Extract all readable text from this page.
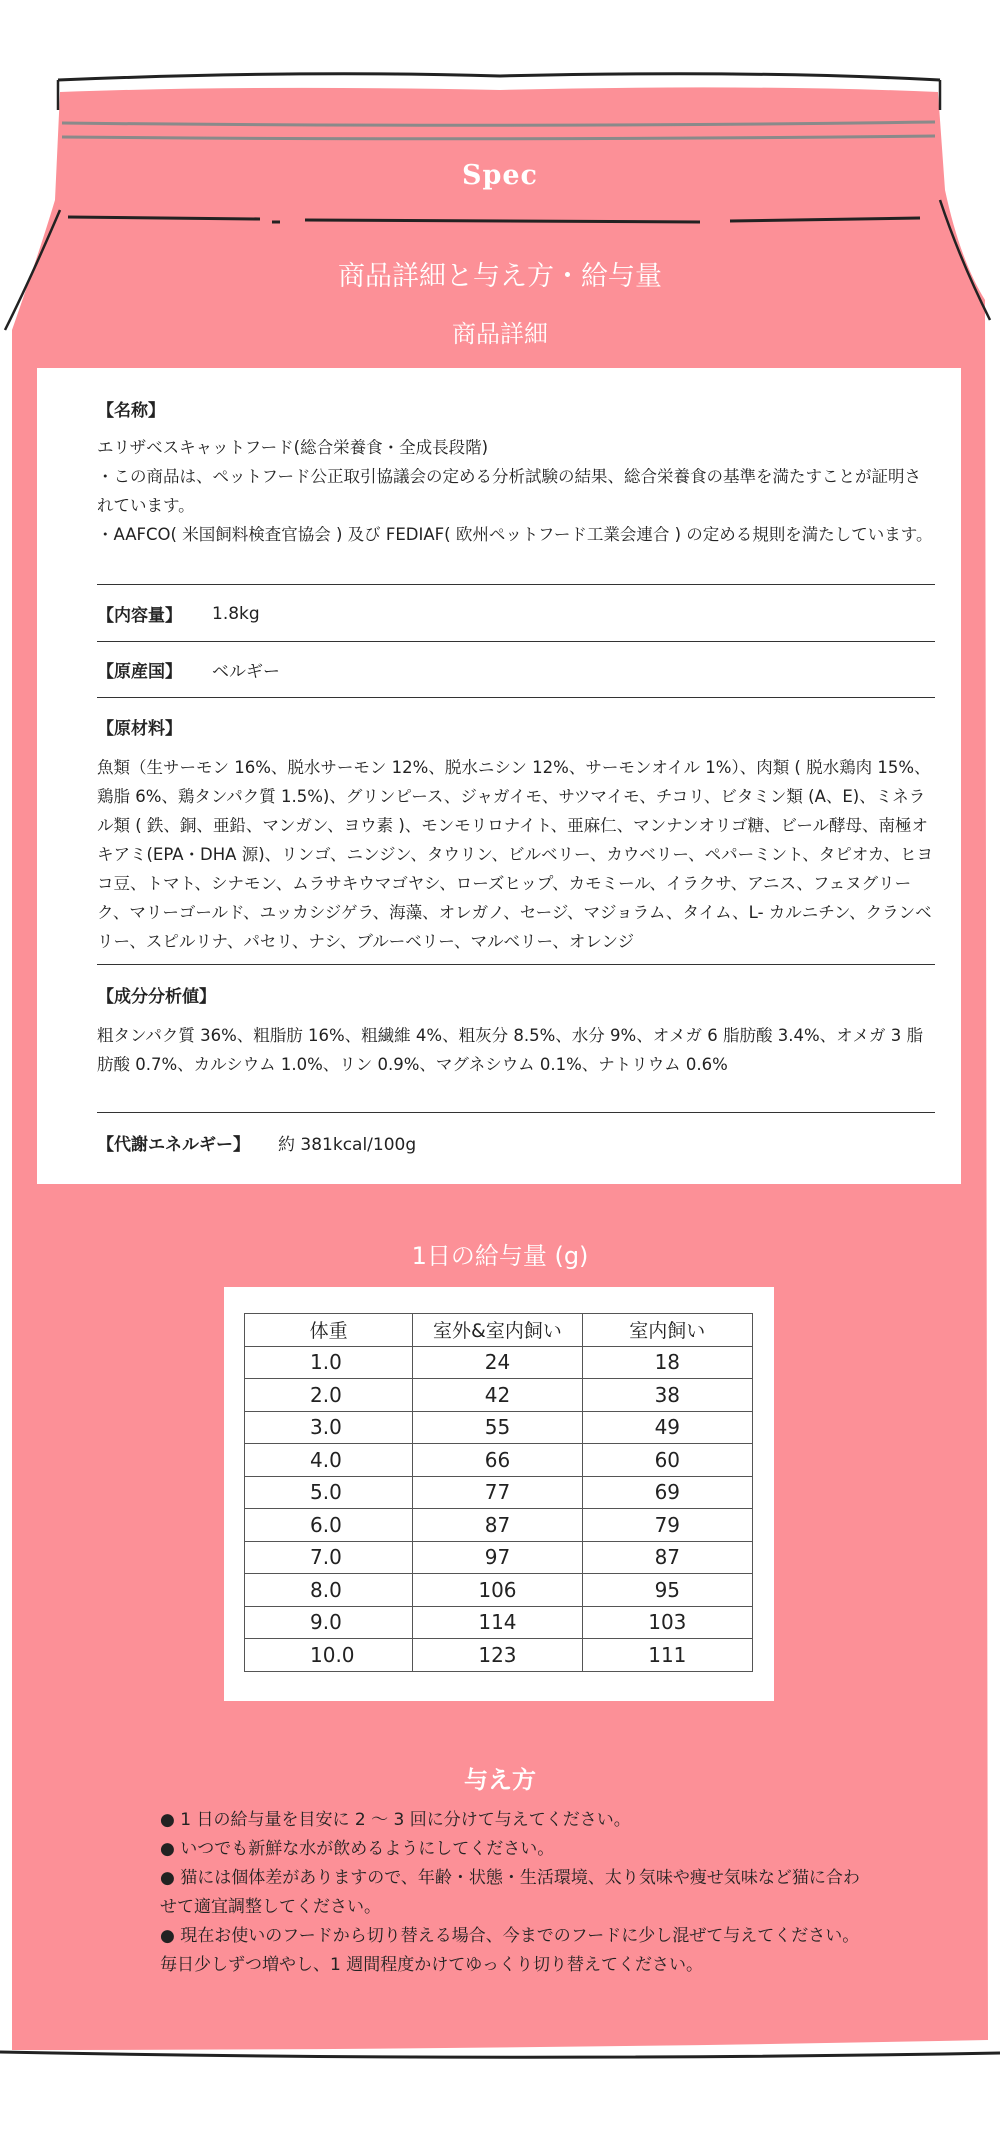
Spec
商品詳細と与え方・給与量
商品詳細
【名称】
エリザベスキャットフード(総合栄養食・全成長段階)
・この商品は、ペットフード公正取引協議会の定める分析試験の結果、総合栄養食の基準を満たすことが証明されています。
・AAFCO( 米国飼料検査官協会 ) 及び FEDIAF( 欧州ペットフード工業会連合 ) の定める規則を満たしています。
【内容量】 1.8kg
【原産国】 ベルギー
【原材料】
魚類（生サーモン 16%、脱水サーモン 12%、脱水ニシン 12%、サーモンオイル 1%）、肉類 ( 脱水鶏肉 15%、鶏脂 6%、鶏タンパク質 1.5%)、グリンピース、ジャガイモ、サツマイモ、チコリ、ビタミン類 (A、E)、ミネラル類 ( 鉄、銅、亜鉛、マンガン、ヨウ素 )、モンモリロナイト、亜麻仁、マンナンオリゴ糖、ビール酵母、南極オキアミ(EPA・DHA 源)、リンゴ、ニンジン、タウリン、ビルベリー、カウベリー、ペパーミント、タピオカ、ヒヨコ豆、トマト、シナモン、ムラサキウマゴヤシ、ローズヒップ、カモミール、イラクサ、アニス、フェヌグリーク、マリーゴールド、ユッカシジゲラ、海藻、オレガノ、セージ、マジョラム、タイム、L- カルニチン、クランベリー、スピルリナ、パセリ、ナシ、ブルーベリー、マルベリー、オレンジ
【成分分析値】
粗タンパク質 36%、粗脂肪 16%、粗繊維 4%、粗灰分 8.5%、水分 9%、オメガ 6 脂肪酸 3.4%、オメガ 3 脂肪酸 0.7%、カルシウム 1.0%、リン 0.9%、マグネシウム 0.1%、ナトリウム 0.6%
【代謝エネルギー】 約 381kcal/100g
1日の給与量 (g)
体重	室外&室内飼い	室内飼い
1.0	24	18
2.0	42	38
3.0	55	49
4.0	66	60
5.0	77	69
6.0	87	79
7.0	97	87
8.0	106	95
9.0	114	103
10.0	123	111
与え方

● 1 日の給与量を目安に 2 ～ 3 回に分けて与えてください。

● いつでも新鮮な水が飲めるようにしてください。

● 猫には個体差がありますので、年齢・状態・生活環境、太り気味や痩せ気味など猫に合わせて適宜調整してください。

● 現在お使いのフードから切り替える場合、今までのフードに少し混ぜて与えてください。毎日少しずつ増やし、1 週間程度かけてゆっくり切り替えてください。
